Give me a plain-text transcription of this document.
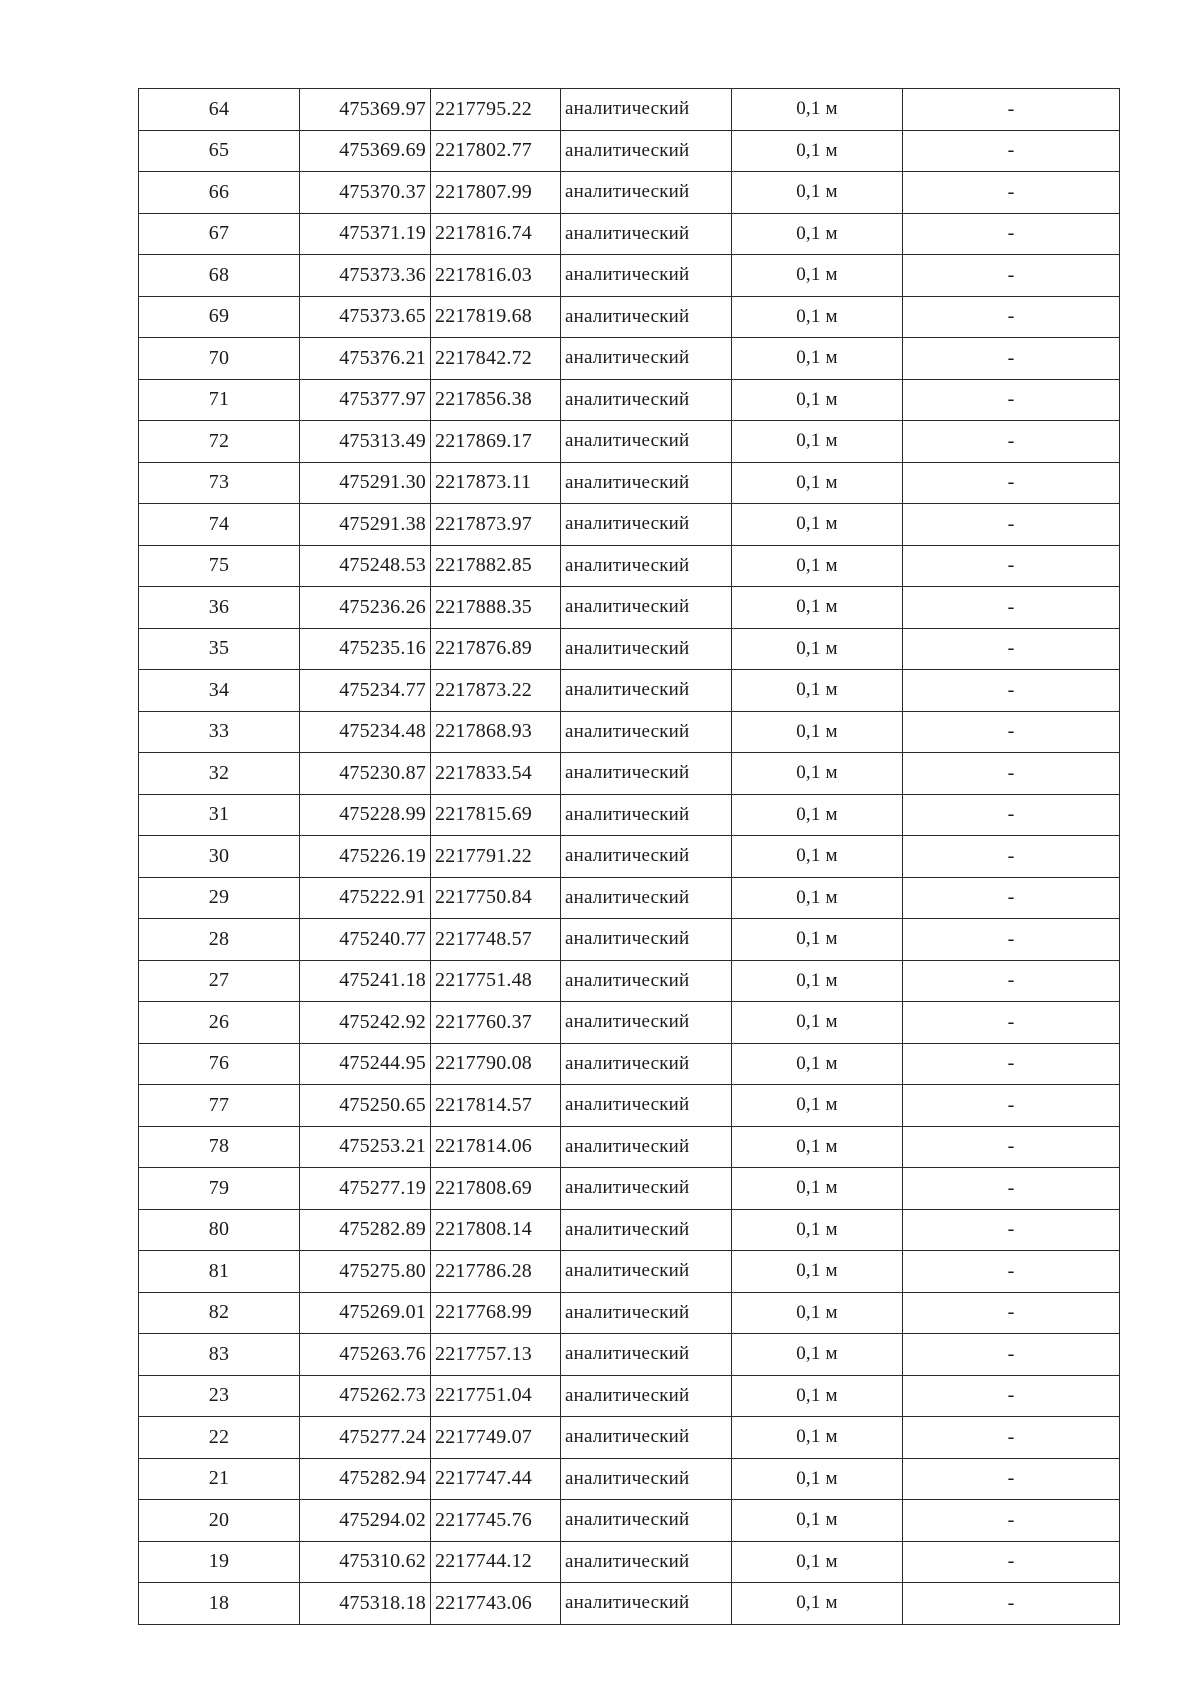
64	475369.97	2217795.22	аналитический	0,1 м	-
65	475369.69	2217802.77	аналитический	0,1 м	-
66	475370.37	2217807.99	аналитический	0,1 м	-
67	475371.19	2217816.74	аналитический	0,1 м	-
68	475373.36	2217816.03	аналитический	0,1 м	-
69	475373.65	2217819.68	аналитический	0,1 м	-
70	475376.21	2217842.72	аналитический	0,1 м	-
71	475377.97	2217856.38	аналитический	0,1 м	-
72	475313.49	2217869.17	аналитический	0,1 м	-
73	475291.30	2217873.11	аналитический	0,1 м	-
74	475291.38	2217873.97	аналитический	0,1 м	-
75	475248.53	2217882.85	аналитический	0,1 м	-
36	475236.26	2217888.35	аналитический	0,1 м	-
35	475235.16	2217876.89	аналитический	0,1 м	-
34	475234.77	2217873.22	аналитический	0,1 м	-
33	475234.48	2217868.93	аналитический	0,1 м	-
32	475230.87	2217833.54	аналитический	0,1 м	-
31	475228.99	2217815.69	аналитический	0,1 м	-
30	475226.19	2217791.22	аналитический	0,1 м	-
29	475222.91	2217750.84	аналитический	0,1 м	-
28	475240.77	2217748.57	аналитический	0,1 м	-
27	475241.18	2217751.48	аналитический	0,1 м	-
26	475242.92	2217760.37	аналитический	0,1 м	-
76	475244.95	2217790.08	аналитический	0,1 м	-
77	475250.65	2217814.57	аналитический	0,1 м	-
78	475253.21	2217814.06	аналитический	0,1 м	-
79	475277.19	2217808.69	аналитический	0,1 м	-
80	475282.89	2217808.14	аналитический	0,1 м	-
81	475275.80	2217786.28	аналитический	0,1 м	-
82	475269.01	2217768.99	аналитический	0,1 м	-
83	475263.76	2217757.13	аналитический	0,1 м	-
23	475262.73	2217751.04	аналитический	0,1 м	-
22	475277.24	2217749.07	аналитический	0,1 м	-
21	475282.94	2217747.44	аналитический	0,1 м	-
20	475294.02	2217745.76	аналитический	0,1 м	-
19	475310.62	2217744.12	аналитический	0,1 м	-
18	475318.18	2217743.06	аналитический	0,1 м	-
